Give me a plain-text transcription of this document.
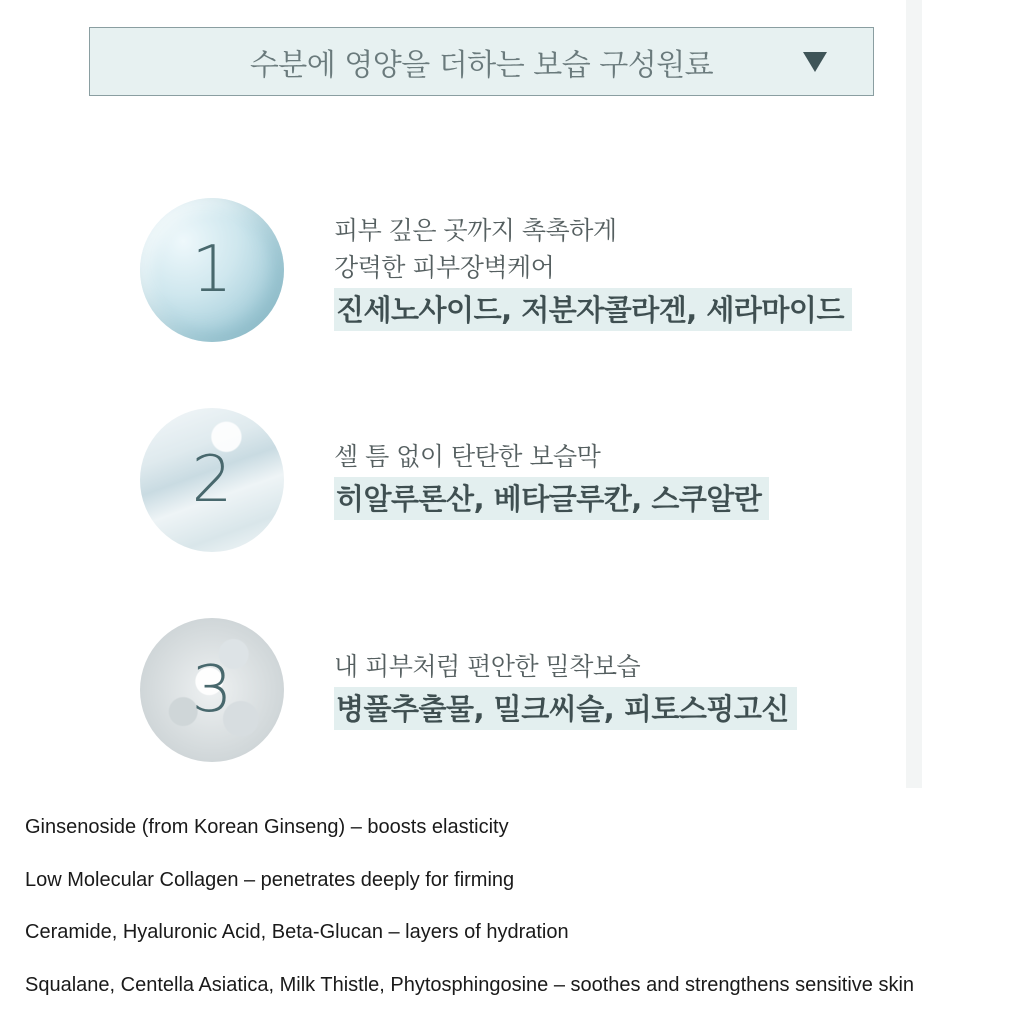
수분에 영양을 더하는 보습 구성원료
1
피부 깊은 곳까지 촉촉하게
강력한 피부장벽케어
진세노사이드, 저분자콜라겐, 세라마이드
2	셀 틈 없이 탄탄한 보습막
히알루론산, 베타글루칸, 스쿠알란
3	내 피부처럼 편안한 밀착보습
병풀추출물, 밀크씨슬, 피토스핑고신
Ginsenoside (from Korean Ginseng) – boosts elasticity
Low Molecular Collagen – penetrates deeply for firming
Ceramide, Hyaluronic Acid, Beta-Glucan – layers of hydration
Squalane, Centella Asiatica, Milk Thistle, Phytosphingosine – soothes and strengthens sensitive skin
